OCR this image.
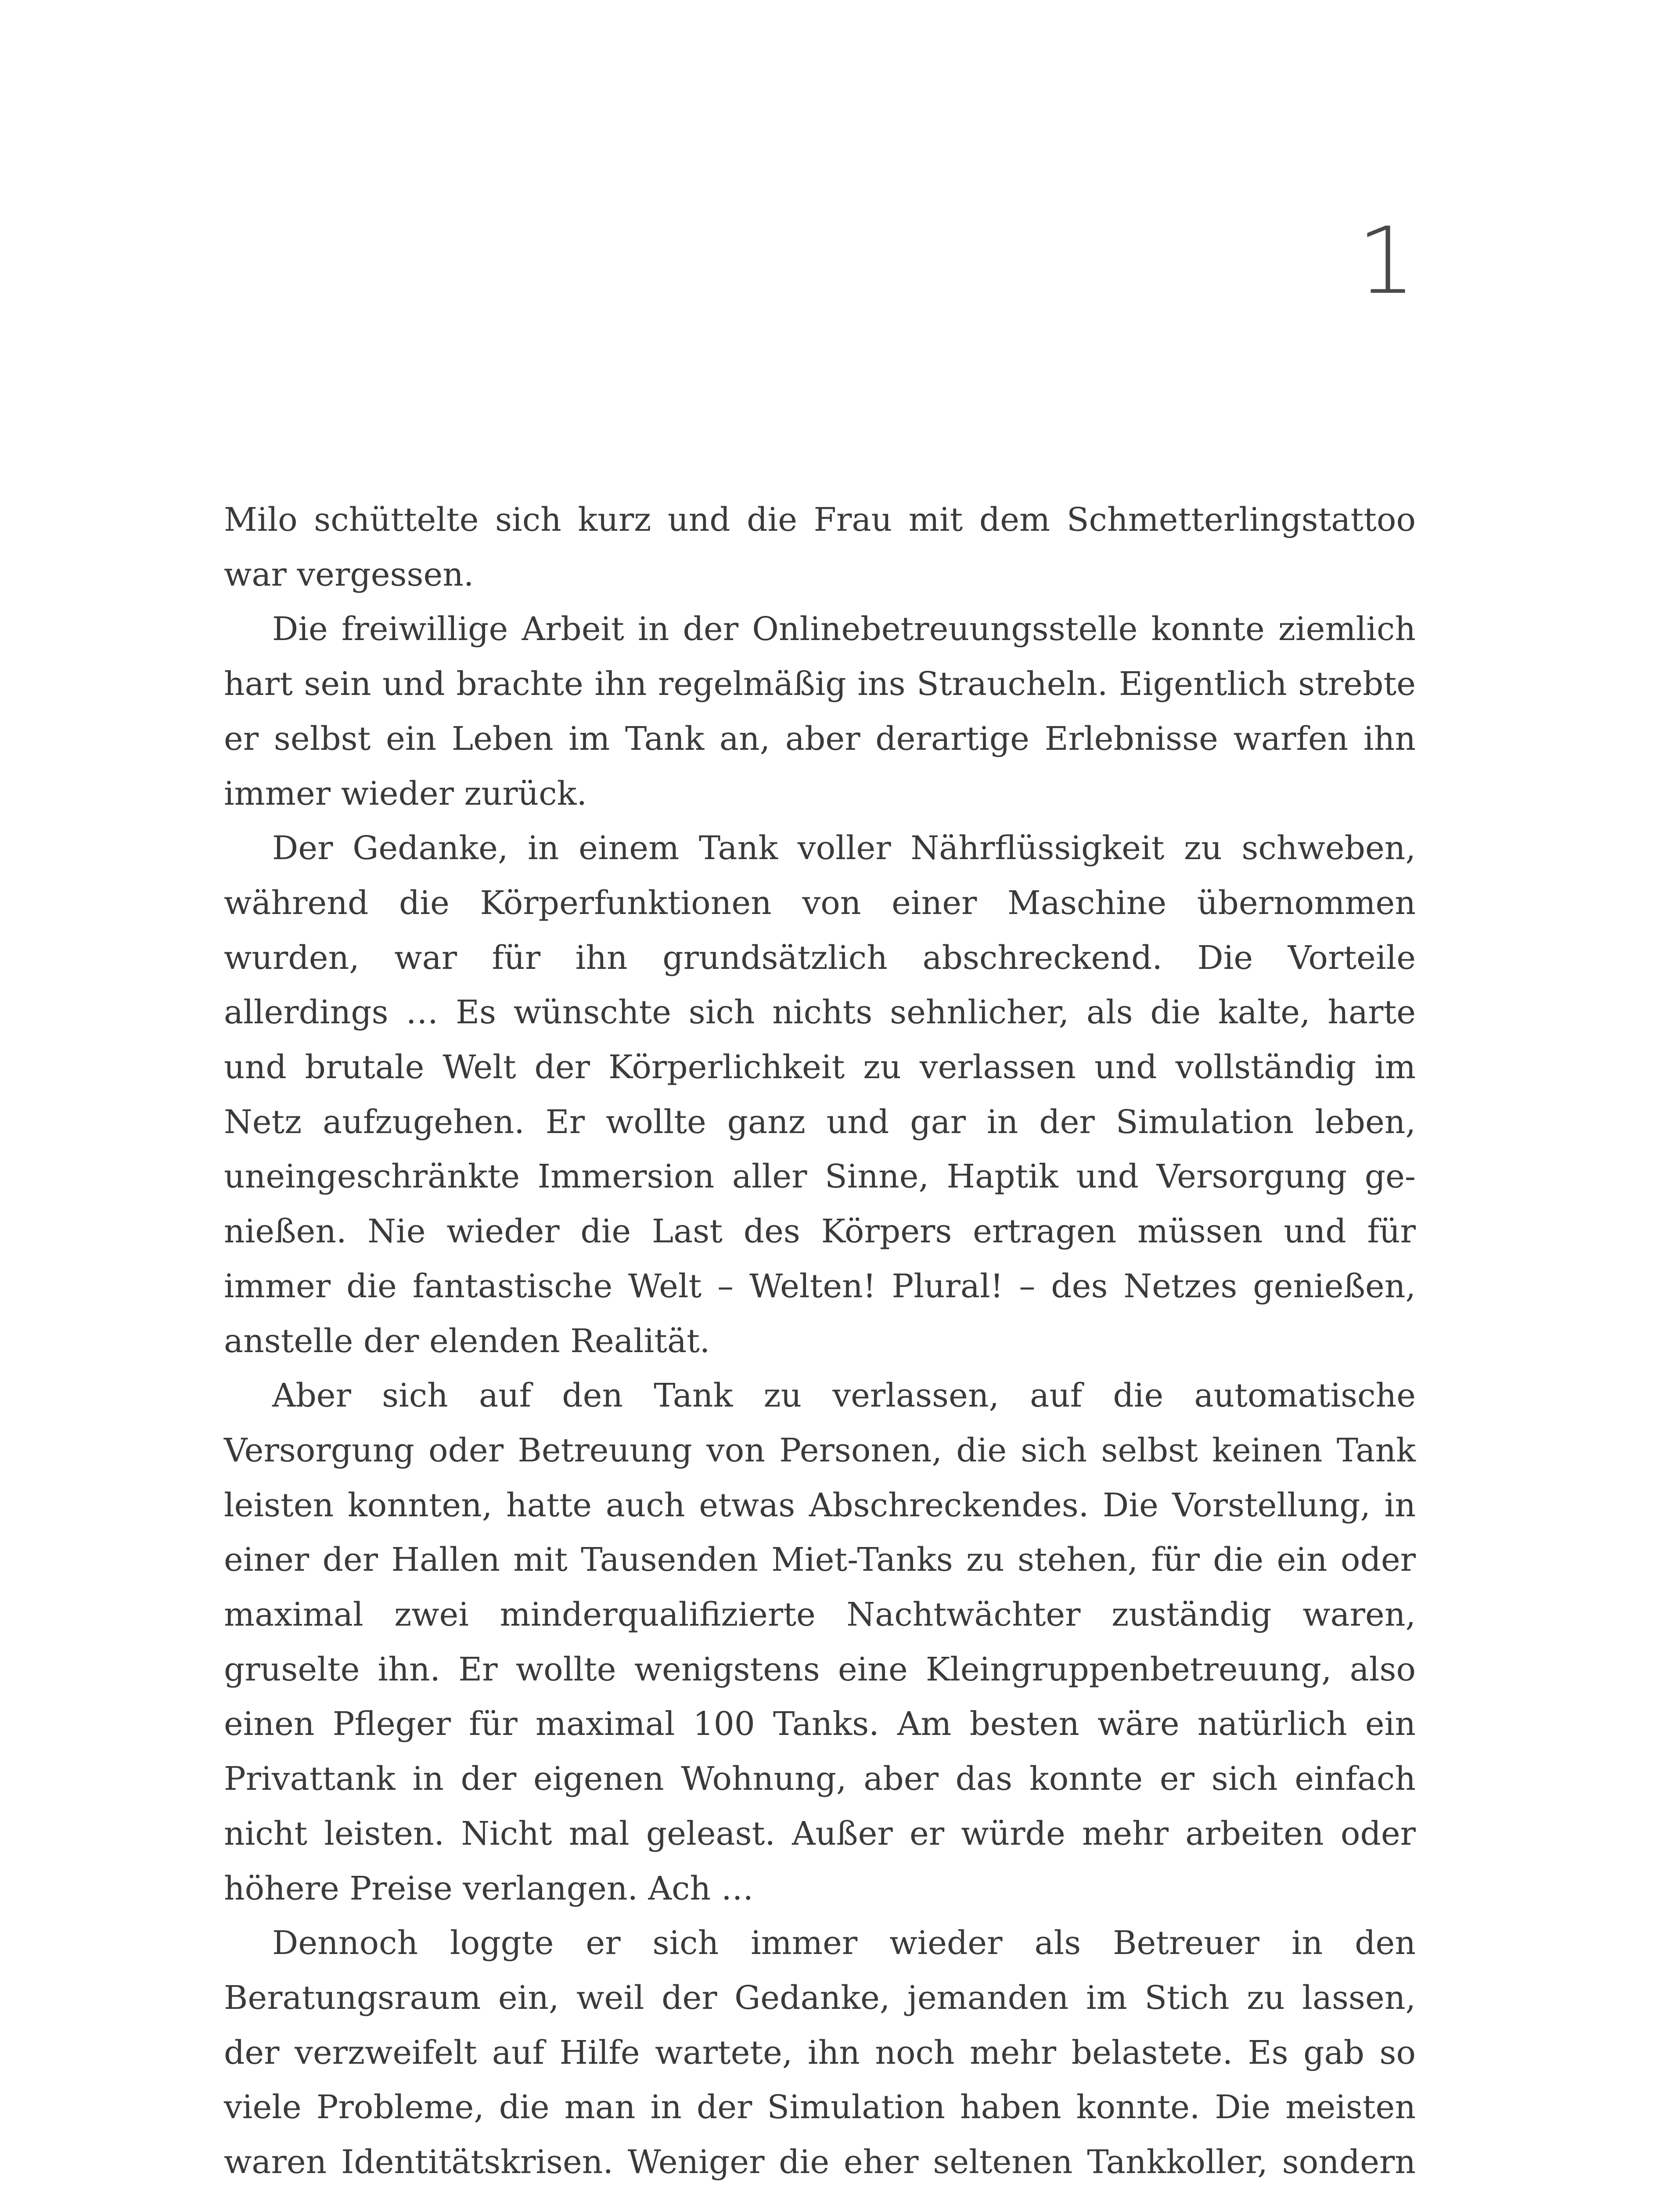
1

Milo schüttelte sich kurz und die Frau mit dem Schmetterlingstattoo war vergessen.

Die freiwillige Arbeit in der Onlinebetreuungsstelle konnte ziemlich hart sein und brachte ihn regelmäßig ins Straucheln. Eigentlich strebte er selbst ein Leben im Tank an, aber derartige Erlebnisse warfen ihn immer wieder zurück.

Der Gedanke, in einem Tank voller Nährflüssigkeit zu schweben, während die Körperfunktionen von einer Maschine übernommen wurden, war für ihn grundsätzlich abschreckend. Die Vorteile allerdings … Es wünschte sich nichts sehnlicher, als die kalte, harte und brutale Welt der Körperlichkeit zu verlassen und vollständig im Netz aufzugehen. Er wollte ganz und gar in der Simulation leben, uneingeschränkte Immersion aller Sinne, Haptik und Versorgung genießen. Nie wieder die Last des Körpers ertragen müssen und für immer die fantastische Welt – Welten! Plural! – des Netzes genießen, anstelle der elenden Realität.

Aber sich auf den Tank zu verlassen, auf die automatische Versorgung oder Betreuung von Personen, die sich selbst keinen Tank leisten konnten, hatte auch etwas Abschreckendes. Die Vorstellung, in einer der Hallen mit Tausenden Miet-Tanks zu stehen, für die ein oder maximal zwei minderqualifizierte Nachtwächter zuständig waren, gruselte ihn. Er wollte wenigstens eine Kleingruppenbetreuung, also einen Pfleger für maximal 100 Tanks. Am besten wäre natürlich ein Privattank in der eigenen Wohnung, aber das konnte er sich einfach nicht leisten. Nicht mal geleast. Außer er würde mehr arbeiten oder höhere Preise verlangen. Ach …

Dennoch loggte er sich immer wieder als Betreuer in den Beratungsraum ein, weil der Gedanke, jemanden im Stich zu lassen, der verzweifelt auf Hilfe wartete, ihn noch mehr belastete. Es gab so viele Probleme, die man in der Simulation haben konnte. Die meisten waren Identitätskrisen. Weniger die eher seltenen Tankkoller, sondern
